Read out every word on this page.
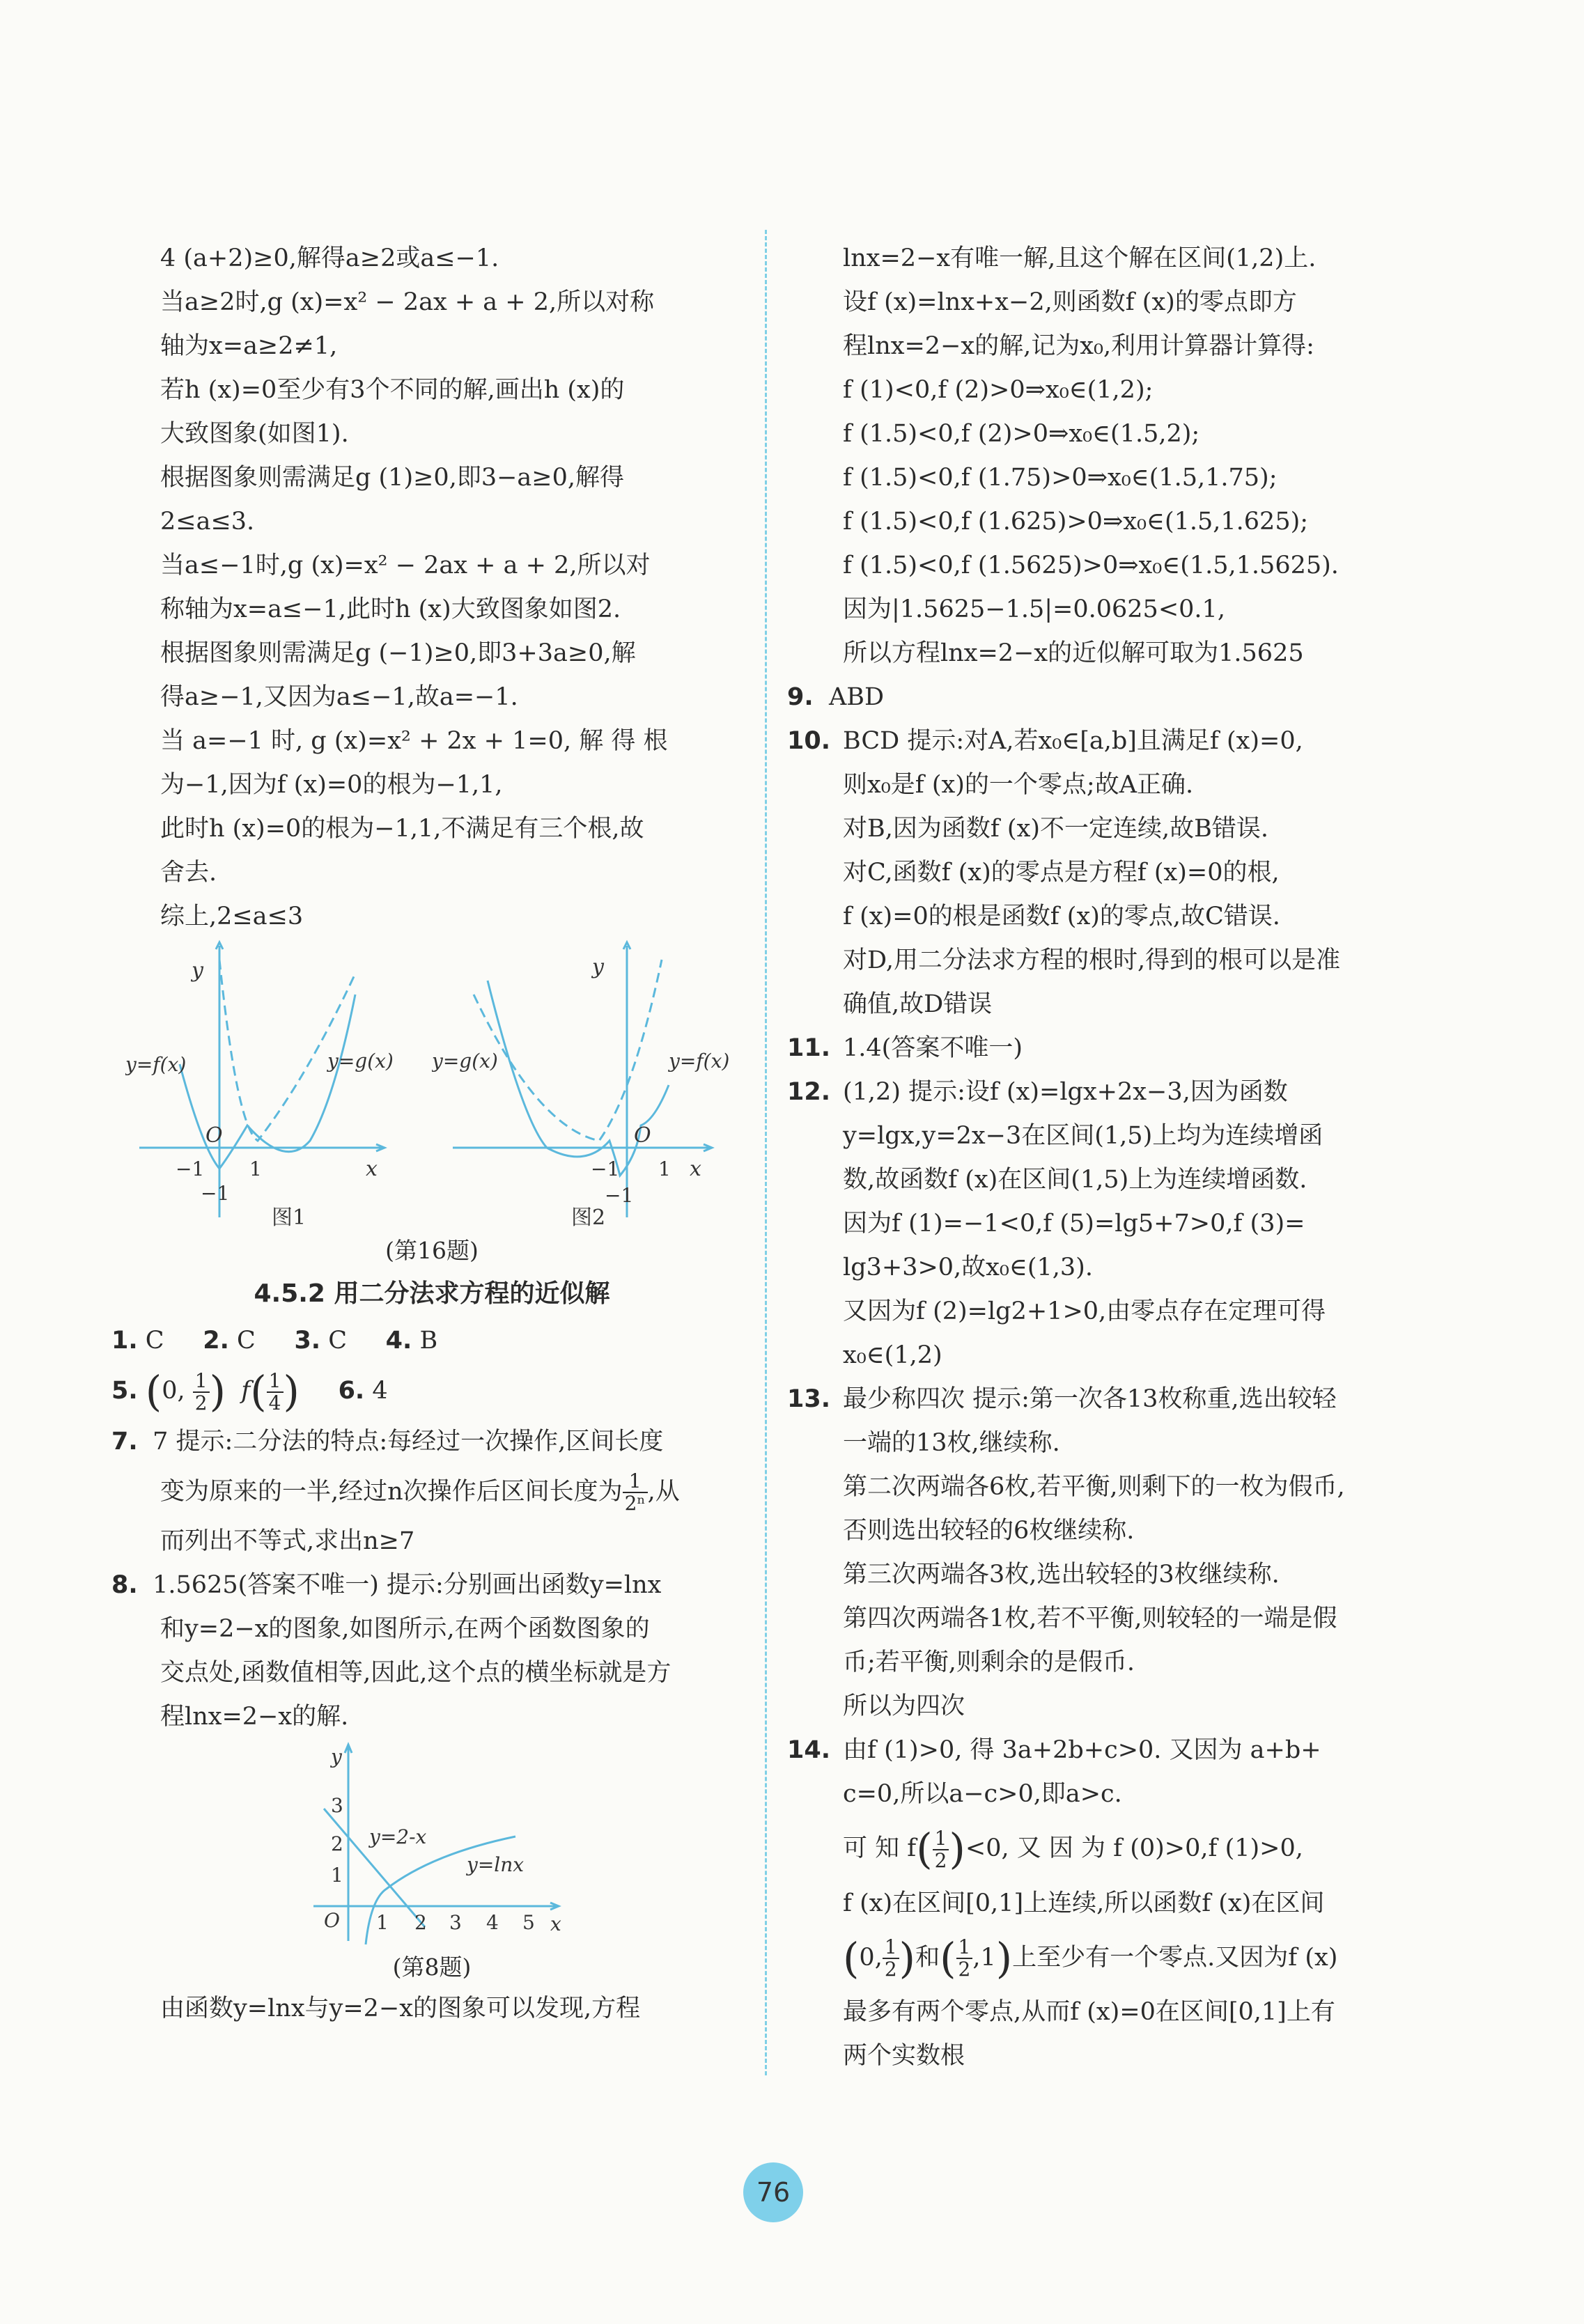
4 (a+2)≥0,解得a≥2或a≤−1.

当a≥2时,g (x)=x² − 2ax + a + 2,所以对称

轴为x=a≥2≠1,

若h (x)=0至少有3个不同的解,画出h (x)的

大致图象(如图1).

根据图象则需满足g (1)≥0,即3−a≥0,解得

2≤a≤3.

当a≤−1时,g (x)=x² − 2ax + a + 2,所以对

称轴为x=a≤−1,此时h (x)大致图象如图2.

根据图象则需满足g (−1)≥0,即3+3a≥0,解

得a≥−1,又因为a≤−1,故a=−1.

当 a=−1 时, g (x)=x² + 2x + 1=0, 解 得 根

为−1,因为f (x)=0的根为−1,1,

此时h (x)=0的根为−1,1,不满足有三个根,故

舍去.

综上,2≤a≤3

y
x
O
−1 1
−1
y=f(x)	y=g(x)
图1
y
x
O
−1 1
−1
y=g(x)	y=f(x)
图2

(第16题)

4.5.2 用二分法求方程的近似解

1. C 2. C 3. C 4. B

5. (0, $\frac{1}{2}$ ) $f( \frac{1}{4}$ ) 6. 4

7. 7 提示:二分法的特点:每经过一次操作,区间长度

变为原来的一半,经过n次操作后区间长度为 $\frac{1}{\text{2ⁿ}}$ ,从

而列出不等式,求出n≥7

8. 1.5625(答案不唯一) 提示:分别画出函数y=lnx

和y=2−x的图象,如图所示,在两个函数图象的

交点处,函数值相等,因此,这个点的横坐标就是方

程lnx=2−x的解.

y
x
O
3
2
1
1 2 3 4 5
y=2-x
y=lnx

(第8题)

由函数y=lnx与y=2−x的图象可以发现,方程

lnx=2−x有唯一解,且这个解在区间(1,2)上.

设f (x)=lnx+x−2,则函数f (x)的零点即方

程lnx=2−x的解,记为x₀,利用计算器计算得:

f (1)<0,f (2)>0⇒x₀∈(1,2);

f (1.5)<0,f (2)>0⇒x₀∈(1.5,2);

f (1.5)<0,f (1.75)>0⇒x₀∈(1.5,1.75);

f (1.5)<0,f (1.625)>0⇒x₀∈(1.5,1.625);

f (1.5)<0,f (1.5625)>0⇒x₀∈(1.5,1.5625).

因为|1.5625−1.5|=0.0625<0.1,

所以方程lnx=2−x的近似解可取为1.5625

9. ABD

10. BCD 提示:对A,若x₀∈[a,b]且满足f (x)=0,

则x₀是f (x)的一个零点;故A正确.

对B,因为函数f (x)不一定连续,故B错误.

对C,函数f (x)的零点是方程f (x)=0的根,

f (x)=0的根是函数f (x)的零点,故C错误.

对D,用二分法求方程的根时,得到的根可以是准

确值,故D错误

11. 1.4(答案不唯一)

12. (1,2) 提示:设f (x)=lgx+2x−3,因为函数

y=lgx,y=2x−3在区间(1,5)上均为连续增函

数,故函数f (x)在区间(1,5)上为连续增函数.

因为f (1)=−1<0,f (5)=lg5+7>0,f (3)=

lg3+3>0,故x₀∈(1,3).

又因为f (2)=lg2+1>0,由零点存在定理可得

x₀∈(1,2)

13. 最少称四次 提示:第一次各13枚称重,选出较轻

一端的13枚,继续称.

第二次两端各6枚,若平衡,则剩下的一枚为假币,

否则选出较轻的6枚继续称.

第三次两端各3枚,选出较轻的3枚继续称.

第四次两端各1枚,若不平衡,则较轻的一端是假

币;若平衡,则剩余的是假币.

所以为四次

14. 由f (1)>0, 得 3a+2b+c>0. 又因为 a+b+

c=0,所以a−c>0,即a>c.

可 知 $f( \frac{1}{2} )<0$, 又 因 为 f (0)>0,f (1)>0,

f (x)在区间[0,1]上连续,所以函数f (x)在区间

(0, $\frac{1}{2}$ )和( $\frac{1}{2} ,1$)上至少有一个零点.又因为f (x)

最多有两个零点,从而f (x)=0在区间[0,1]上有

两个实数根

76
